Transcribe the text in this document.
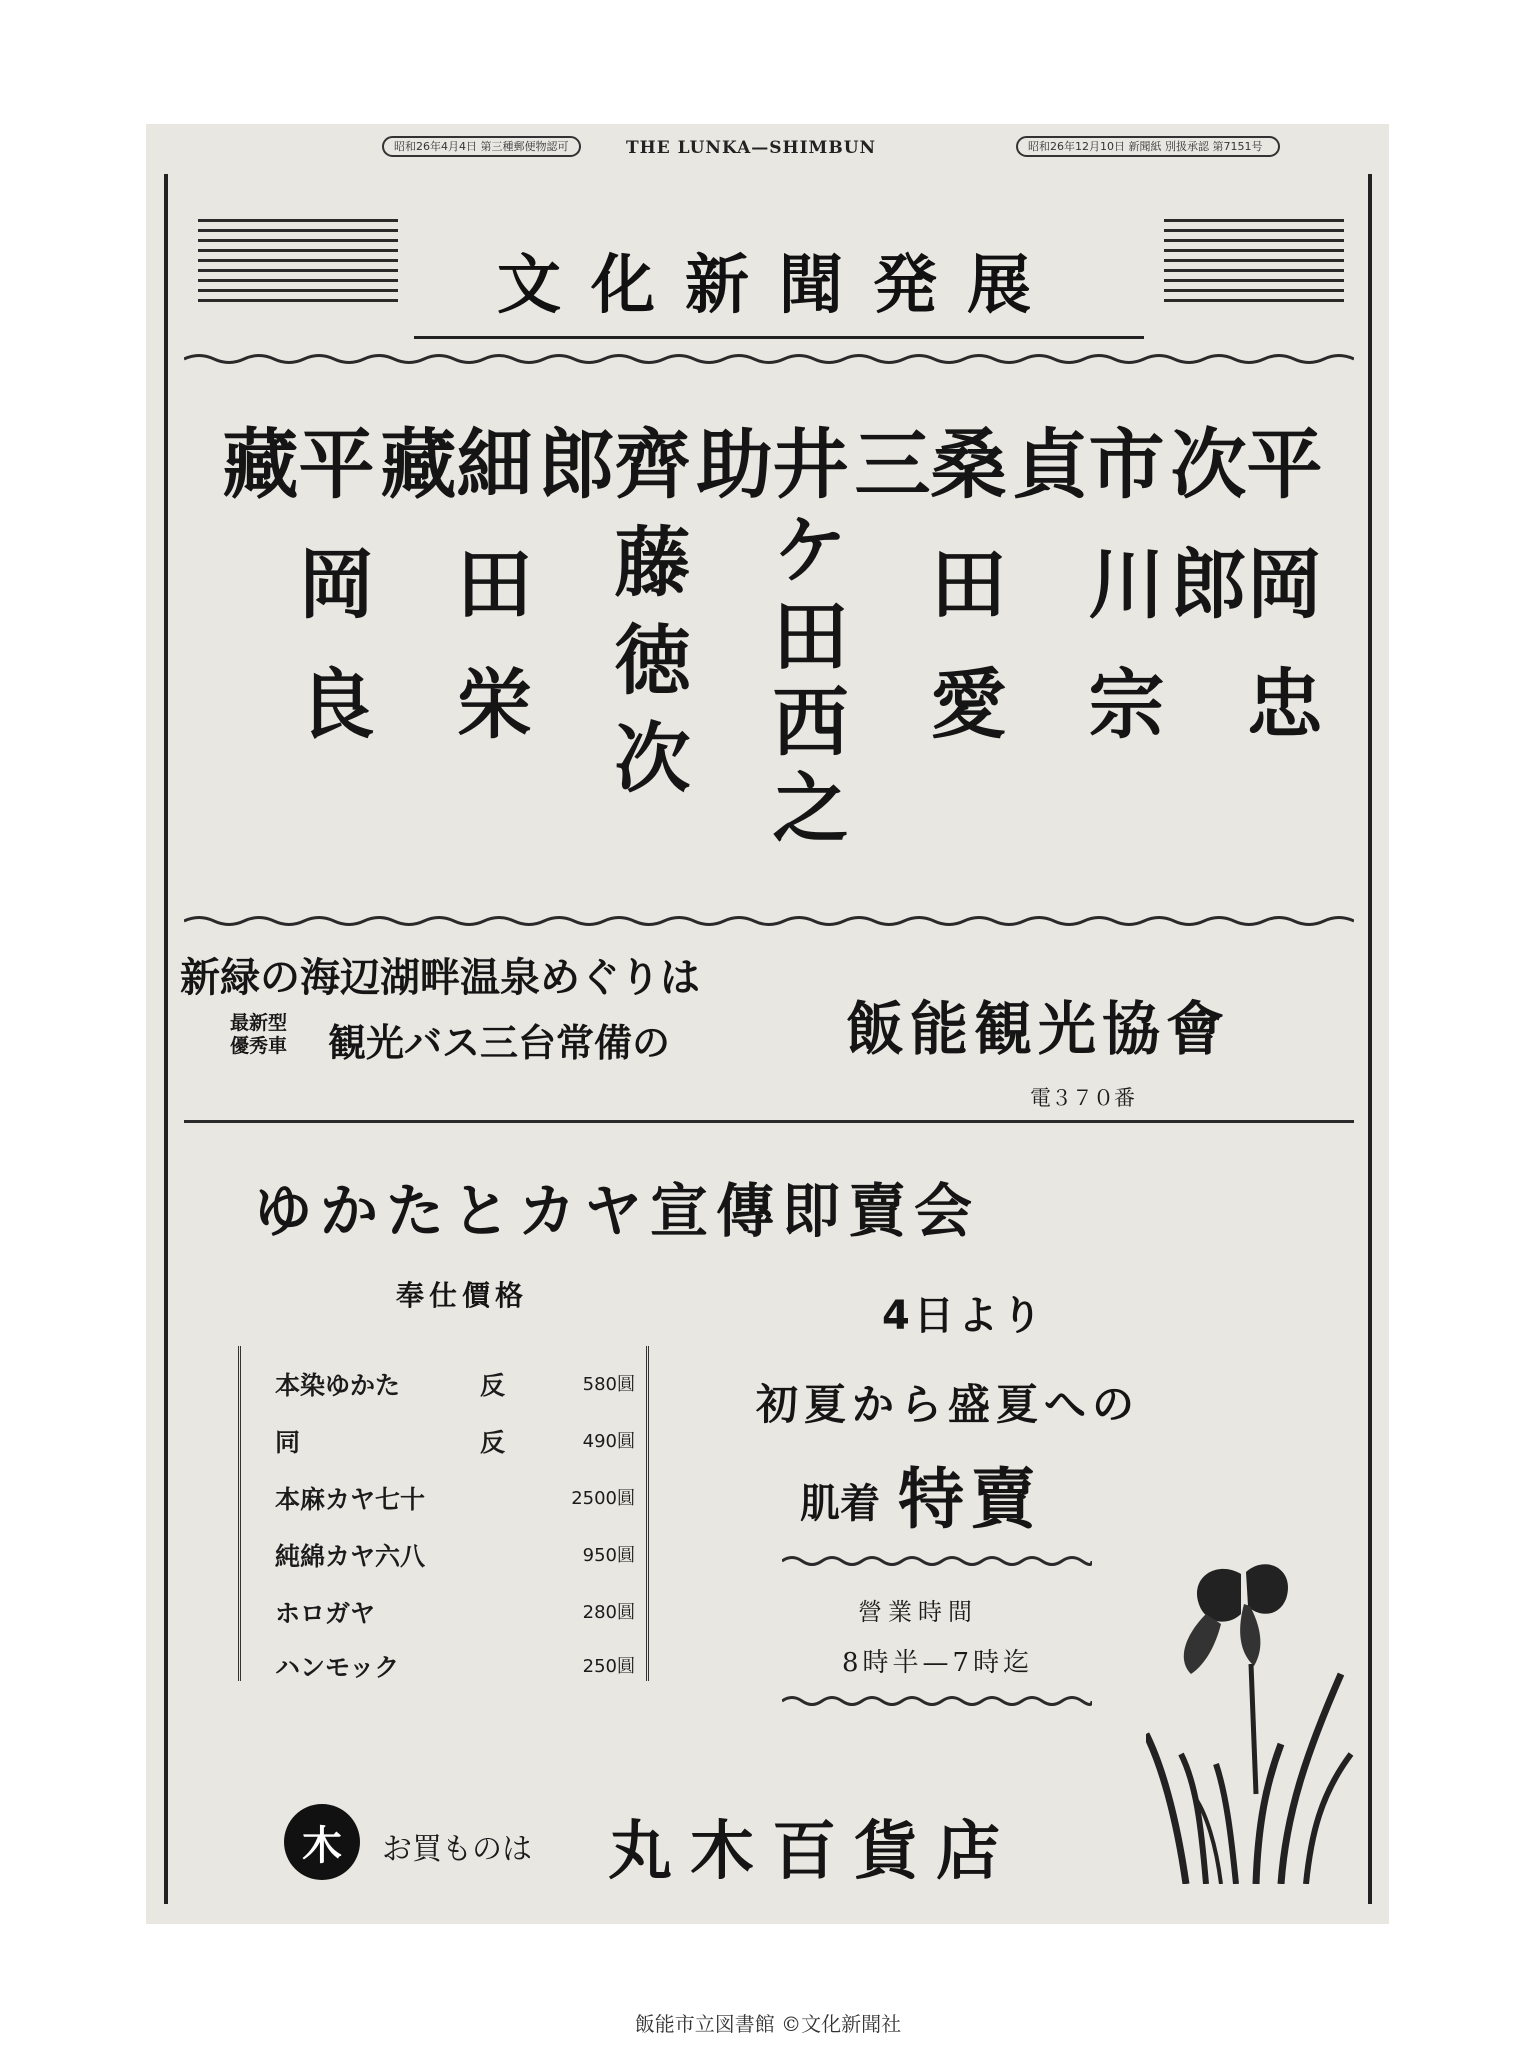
昭和26年4月4日 第三種郵便物認可	THE LUNKA—SHIMBUN	昭和26年12月10日 新聞紙 別扱承認 第7151号
文化新聞発展
平岡忠次郎
市川宗貞
桑田愛三
井ケ田西之助
齊藤徳次郎
細田栄藏
平岡良藏
新緑の海辺湖畔温泉めぐりは
最新型
優秀車 観光バス三台常備の	飯能観光協會
電３７０番
ゆかたとカヤ宣傳即賣会
奉仕價格
本染ゆかた	反	580圓
同	反	490圓
本麻カヤ七十	2500圓
純綿カヤ六八	950圓
ホロガヤ	280圓
ハンモック	250圓
4日より
初夏から盛夏への
肌着 特賣
營業時間
8時半—7時迄
木	お買ものは 丸木百貨店
飯能市立図書館 ©文化新聞社
